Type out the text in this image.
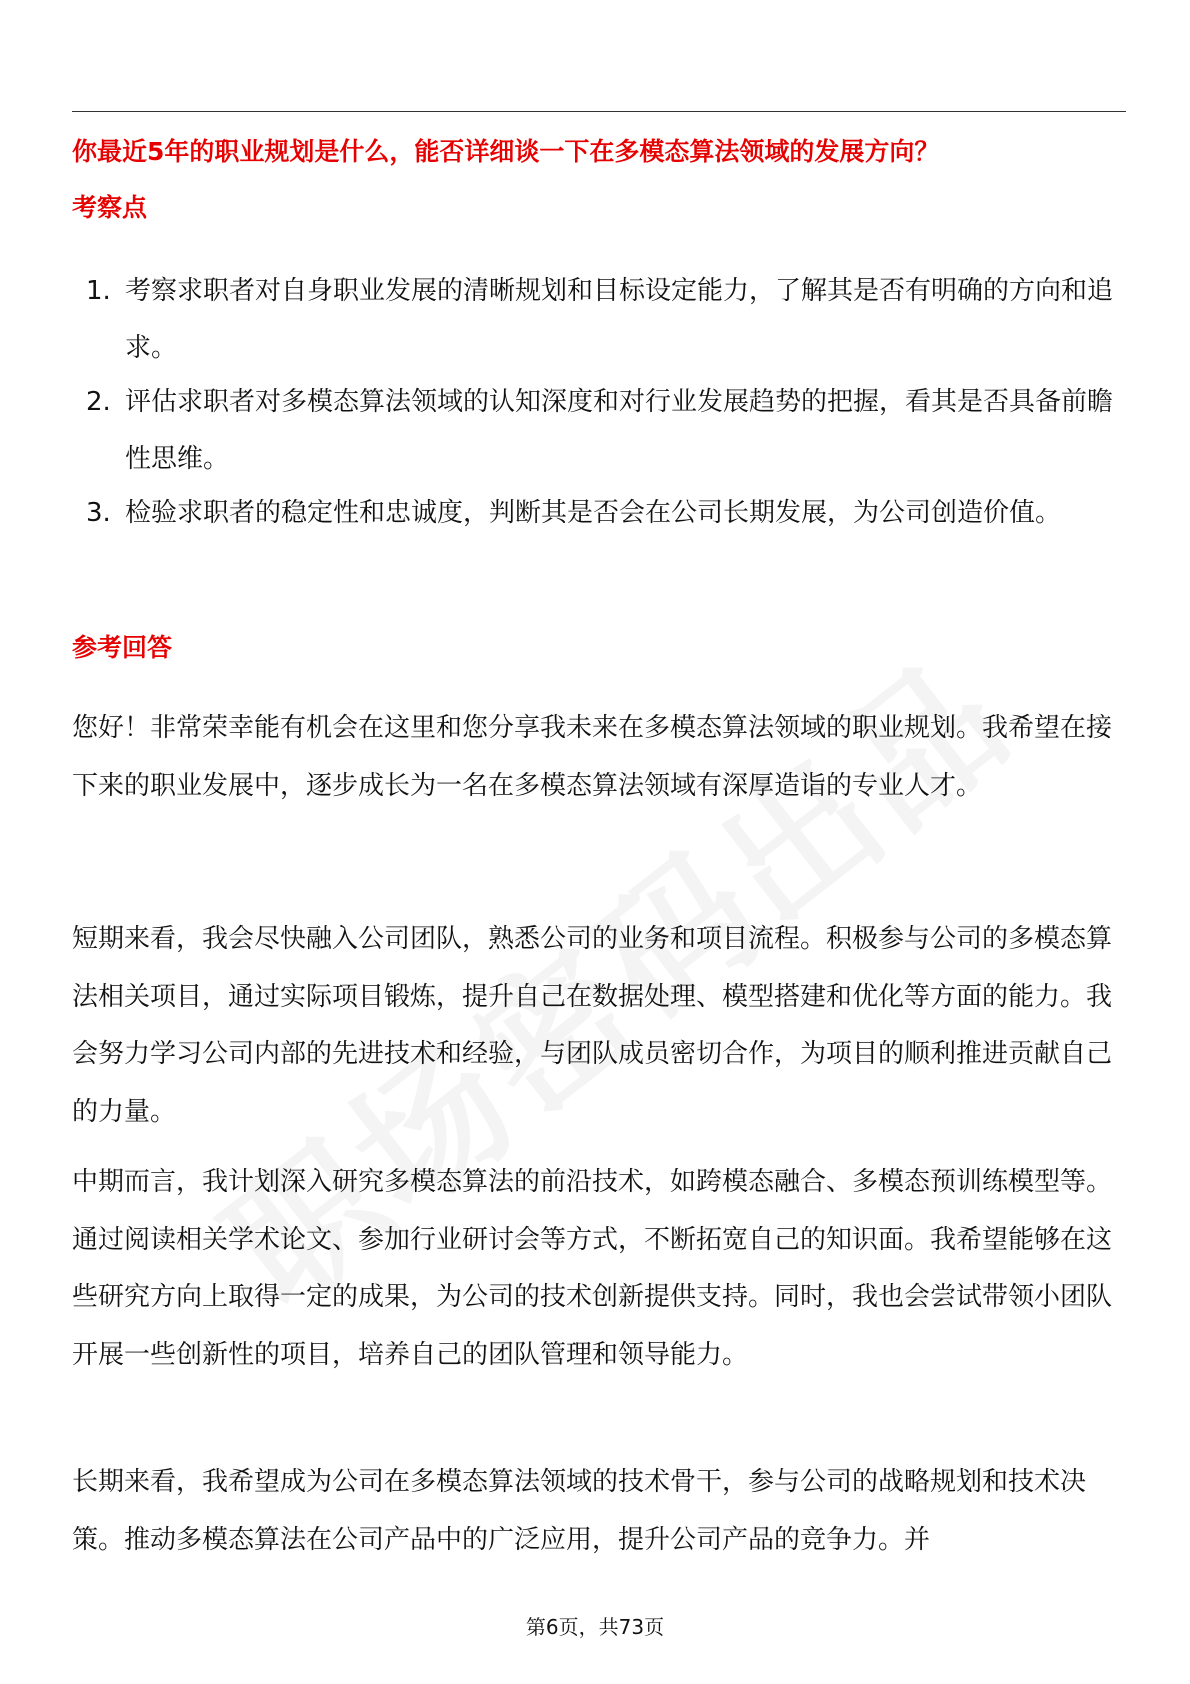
你最近5年的职业规划是什么，能否详细谈一下在多模态算法领域的发展方向？
考察点
1. 考察求职者对自身职业发展的清晰规划和目标设定能力，了解其是否有明确的方向和追求。
2. 评估求职者对多模态算法领域的认知深度和对行业发展趋势的把握，看其是否具备前瞻性思维。
3. 检验求职者的稳定性和忠诚度，判断其是否会在公司长期发展，为公司创造价值。
参考回答
您好！非常荣幸能有机会在这里和您分享我未来在多模态算法领域的职业规划。我希望在接下来的职业发展中，逐步成长为一名在多模态算法领域有深厚造诣的专业人才。
短期来看，我会尽快融入公司团队，熟悉公司的业务和项目流程。积极参与公司的多模态算法相关项目，通过实际项目锻炼，提升自己在数据处理、模型搭建和优化等方面的能力。我会努力学习公司内部的先进技术和经验，与团队成员密切合作，为项目的顺利推进贡献自己的力量。
中期而言，我计划深入研究多模态算法的前沿技术，如跨模态融合、多模态预训练模型等。通过阅读相关学术论文、参加行业研讨会等方式，不断拓宽自己的知识面。我希望能够在这些研究方向上取得一定的成果，为公司的技术创新提供支持。同时，我也会尝试带领小团队开展一些创新性的项目，培养自己的团队管理和领导能力。
长期来看，我希望成为公司在多模态算法领域的技术骨干，参与公司的战略规划和技术决策。推动多模态算法在公司产品中的广泛应用，提升公司产品的竞争力。并
第6页，共73页
